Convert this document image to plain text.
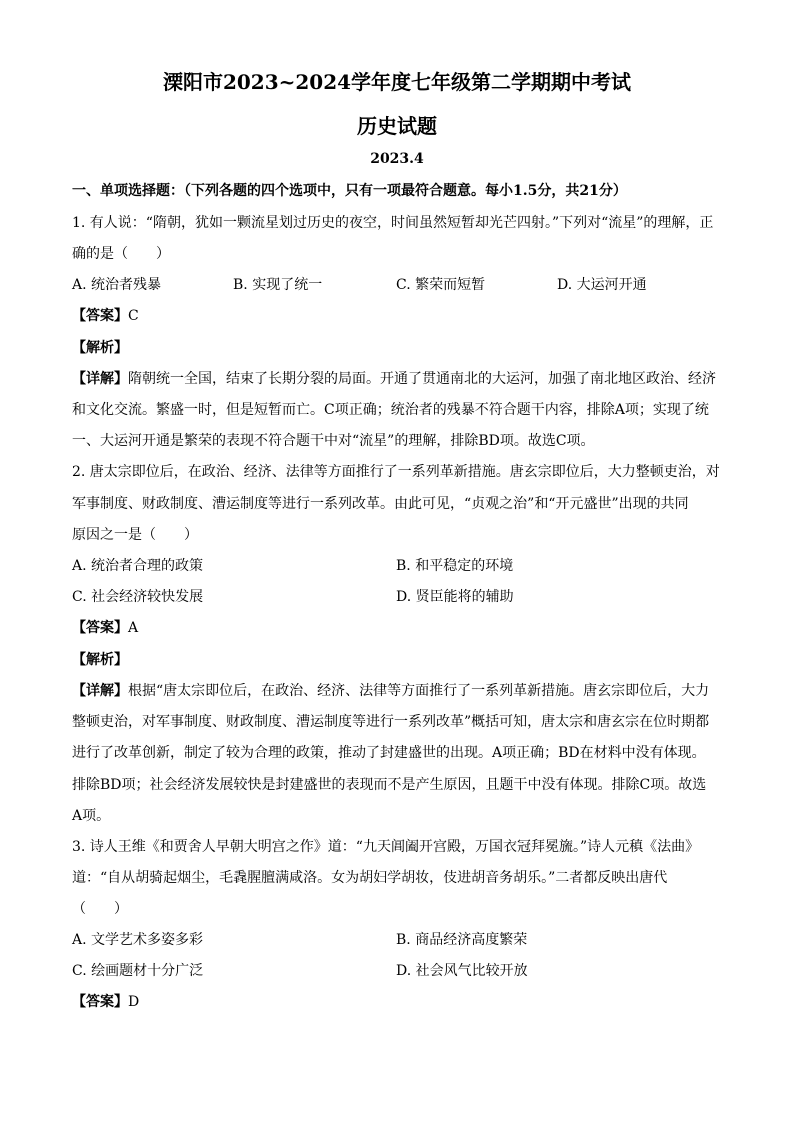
溧阳市2023~2024学年度七年级第二学期期中考试
历史试题
2023.4
一、单项选择题：（下列各题的四个选项中，只有一项最符合题意。每小1.5分，共21分）
1. 有人说：“隋朝，犹如一颗流星划过历史的夜空，时间虽然短暂却光芒四射。”下列对“流星”的理解，正
确的是（　　）
A. 统治者残暴	B. 实现了统一	C. 繁荣而短暂	D. 大运河开通
【答案】C
【解析】
【详解】隋朝统一全国，结束了长期分裂的局面。开通了贯通南北的大运河，加强了南北地区政治、经济
和文化交流。繁盛一时，但是短暂而亡。C项正确；统治者的残暴不符合题干内容，排除A项；实现了统
一、大运河开通是繁荣的表现不符合题干中对“流星”的理解，排除BD项。故选C项。
2. 唐太宗即位后，在政治、经济、法律等方面推行了一系列革新措施。唐玄宗即位后，大力整顿吏治，对
军事制度、财政制度、漕运制度等进行一系列改革。由此可见，“贞观之治”和“开元盛世”出现的共同
原因之一是（　　）
A. 统治者合理的政策	B. 和平稳定的环境
C. 社会经济较快发展	D. 贤臣能将的辅助
【答案】A
【解析】
【详解】根据“唐太宗即位后，在政治、经济、法律等方面推行了一系列革新措施。唐玄宗即位后，大力
整顿吏治，对军事制度、财政制度、漕运制度等进行一系列改革”概括可知，唐太宗和唐玄宗在位时期都
进行了改革创新，制定了较为合理的政策，推动了封建盛世的出现。A项正确；BD在材料中没有体现。
排除BD项；社会经济发展较快是封建盛世的表现而不是产生原因，且题干中没有体现。排除C项。故选
A项。
3. 诗人王维《和贾舍人早朝大明宫之作》道：“九天阊阖开宫殿，万国衣冠拜冕旒。”诗人元稹《法曲》
道：“自从胡骑起烟尘，毛毳腥膻满咸洛。女为胡妇学胡妆，伎进胡音务胡乐。”二者都反映出唐代
（　　）
A. 文学艺术多姿多彩	B. 商品经济高度繁荣
C. 绘画题材十分广泛	D. 社会风气比较开放
【答案】D
